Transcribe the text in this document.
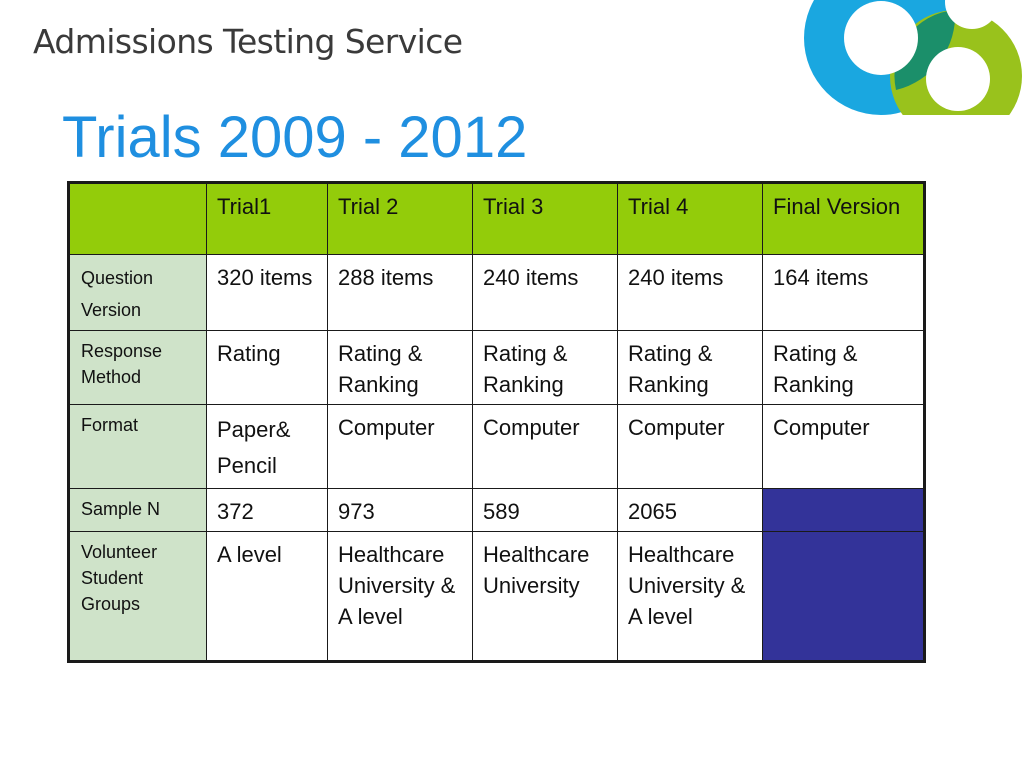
Admissions Testing Service
Trials 2009 - 2012
	Trial1	Trial 2	Trial 3	Trial 4	Final Version
Question Version	320 items	288 items	240 items	240 items	164 items
Response Method	Rating	Rating & Ranking	Rating & Ranking	Rating & Ranking	Rating & Ranking
Format	Paper& Pencil	Computer	Computer	Computer	Computer
Sample N	372	973	589	2065	
Volunteer Student Groups	A level	Healthcare University & A level	Healthcare University	Healthcare University & A level	
